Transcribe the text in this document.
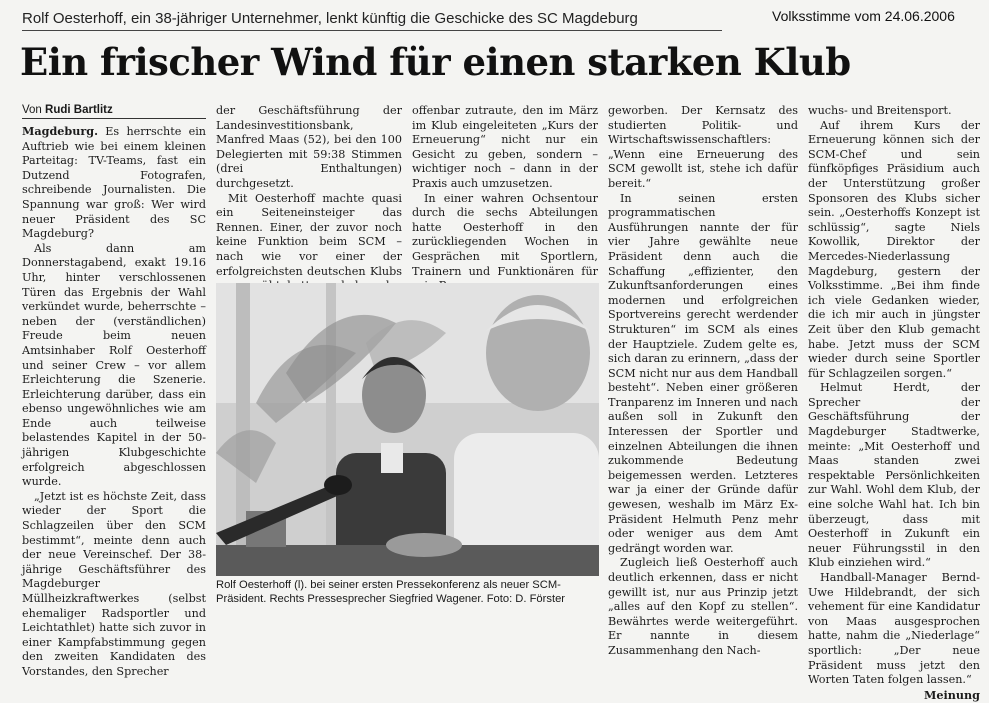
Rolf Oesterhoff, ein 38-jähriger Unternehmer, lenkt künftig die Geschicke des SC Magdeburg	Volksstimme vom 24.06.2006
Ein frischer Wind für einen starken Klub
Von Rudi Bartlitz

Magdeburg. Es herrschte ein Auftrieb wie bei einem kleinen Parteitag: TV-Teams, fast ein Dutzend Fotografen, schreibende Journalisten. Die Spannung war groß: Wer wird neuer Präsident des SC Magdeburg?

Als dann am Donnerstagabend, exakt 19.16 Uhr, hinter verschlossenen Türen das Ergebnis der Wahl verkündet wurde, beherrschte – neben der (verständlichen) Freude beim neuen Amtsinhaber Rolf Oesterhoff und seiner Crew – vor allem Erleichterung die Szenerie. Erleichterung darüber, dass ein ebenso ungewöhnliches wie am Ende auch teilweise belastendes Kapitel in der 50-jährigen Klubgeschichte erfolgreich abgeschlossen wurde.

„Jetzt ist es höchste Zeit, dass wieder der Sport die Schlagzeilen über den SCM bestimmt“, meinte denn auch der neue Vereinschef. Der 38-jährige Geschäftsführer des Magdeburger Müllheizkraftwerkes (selbst ehemaliger Radsportler und Leichtathlet) hatte sich zuvor in einer Kampfabstimmung gegen den zweiten Kandidaten des Vorstandes, den Sprecher

der Geschäftsführung der Landesinvestitionsbank, Manfred Maas (52), bei den 100 Delegierten mit 59:38 Stimmen (drei Enthaltungen) durchgesetzt.

Mit Oesterhoff machte quasi ein Seiteneinsteiger das Rennen. Einer, der zuvor noch keine Funktion beim SCM – nach wie vor einer der erfolgreichsten deutschen Klubs

offenbar zutraute, den im März im Klub eingeleiteten „Kurs der Erneuerung“ nicht nur ein Gesicht zu geben, sondern – wichtiger noch – dann in der Praxis auch umzusetzen.

In einer wahren Ochsentour durch die sechs Abteilungen hatte Oesterhoff in den zurückliegenden Wochen in Gesprächen mit Sportlern, Trainern und Funktionären für

Rolf Oesterhoff (l). bei seiner ersten Pressekonferenz als neuer SCM-Präsident. Rechts Pressesprecher Siegfried Wagener. Foto: D. Förster

geworben. Der Kernsatz des studierten Politik- und Wirtschaftswissenschaftlers: „Wenn eine Erneuerung des SCM gewollt ist, stehe ich dafür bereit.“

In seinen ersten programmatischen Ausführungen nannte der für vier Jahre gewählte neue Präsident denn auch die Schaffung „effizienter, den Zukunftsanforderungen eines modernen und erfolgreichen Sportvereins gerecht werdender Strukturen“ im SCM als eines der Hauptziele. Zudem gelte es, sich daran zu erinnern, „dass der SCM nicht nur aus dem Handball besteht“. Neben einer größeren Tranparenz im Inneren und nach außen soll in Zukunft den Interessen der Sportler und einzelnen Abteilungen die ihnen zukommende Bedeutung beigemessen werden. Letzteres war ja einer der Gründe dafür gewesen, weshalb im März Ex-Präsident Helmuth Penz mehr oder weniger aus dem Amt gedrängt worden war.

Zugleich ließ Oesterhoff auch deutlich erkennen, dass er nicht gewillt ist, nur aus Prinzip jetzt „alles auf den Kopf zu stellen“. Bewährtes werde weitergeführt. Er nannte in diesem Zusammenhang den Nach-

wuchs- und Breitensport.

Auf ihrem Kurs der Erneuerung können sich der SCM-Chef und sein fünfköpfiges Präsidium auch der Unterstützung großer Sponsoren des Klubs sicher sein. „Oesterhoffs Konzept ist schlüssig“, sagte Niels Kowollik, Direktor der Mercedes-Niederlassung Magdeburg, gestern der Volksstimme. „Bei ihm finde ich viele Gedanken wieder, die ich mir auch in jüngster Zeit über den Klub gemacht habe. Jetzt muss der SCM wieder durch seine Sportler für Schlagzeilen sorgen.“

Helmut Herdt, der Sprecher der Geschäftsführung der Magdeburger Stadtwerke, meinte: „Mit Oesterhoff und Maas standen zwei respektable Persönlichkeiten zur Wahl. Wohl dem Klub, der eine solche Wahl hat. Ich bin überzeugt, dass mit Oesterhoff in Zukunft ein neuer Führungsstil in den Klub einziehen wird.“

Handball-Manager Bernd-Uwe Hildebrandt, der sich vehement für eine Kandidatur von Maas ausgesprochen hatte, nahm die „Niederlage“ sportlich: „Der neue Präsident muss jetzt den Worten Taten folgen lassen.“

Meinung
